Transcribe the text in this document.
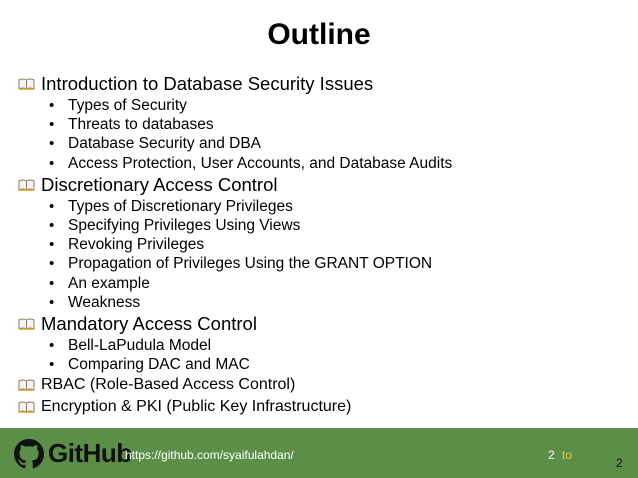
Outline
Introduction to Database Security Issues
• Types of Security
• Threats to databases
• Database Security and DBA
• Access Protection, User Accounts, and Database Audits
Discretionary Access Control
• Types of Discretionary Privileges
• Specifying Privileges Using Views
• Revoking Privileges
• Propagation of Privileges Using the GRANT OPTION
• An example
• Weakness
Mandatory Access Control
• Bell-LaPudula Model
• Comparing DAC and MAC
RBAC (Role-Based Access Control)
Encryption & PKI (Public Key Infrastructure)
GitHub
https://github.com/syaifulahdan/	2 to
2
